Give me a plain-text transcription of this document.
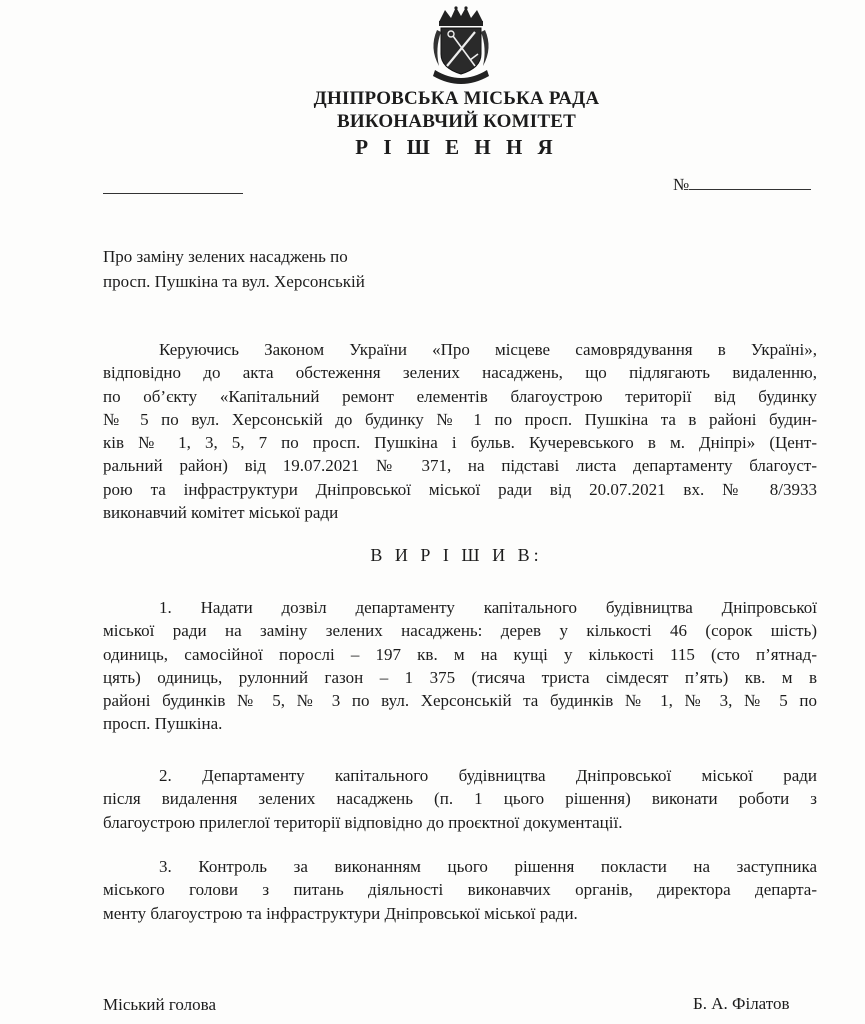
ДНІПРОВСЬКА МІСЬКА РАДА
ВИКОНАВЧИЙ КОМІТЕТ
Р І Ш Е Н Н Я
№
Про заміну зелених насаджень по
просп. Пушкіна та вул. Херсонській
Керуючись Законом України «Про місцеве самоврядування в Україні»,
відповідно до акта обстеження зелених насаджень, що підлягають видаленню,
по об’єкту «Капітальний ремонт елементів благоустрою території від будинку
№ 5 по вул. Херсонській до будинку № 1 по просп. Пушкіна та в районі будин-
ків № 1, 3, 5, 7 по просп. Пушкіна і бульв. Кучеревського в м. Дніпрі» (Цент-
ральний район) від 19.07.2021 № 371, на підставі листа департаменту благоуст-
рою та інфраструктури Дніпровської міської ради від 20.07.2021 вх. № 8/3933
виконавчий комітет міської ради
В И Р І Ш И В:
1. Надати дозвіл департаменту капітального будівництва Дніпровської
міської ради на заміну зелених насаджень: дерев у кількості 46 (сорок шість)
одиниць, самосійної порослі – 197 кв. м на кущі у кількості 115 (сто п’ятнад-
цять) одиниць, рулонний газон – 1 375 (тисяча триста сімдесят п’ять) кв. м в
районі будинків № 5, № 3 по вул. Херсонській та будинків № 1, № 3, № 5 по
просп. Пушкіна.
2. Департаменту капітального будівництва Дніпровської міської ради
після видалення зелених насаджень (п. 1 цього рішення) виконати роботи з
благоустрою прилеглої території відповідно до проєктної документації.
3. Контроль за виконанням цього рішення покласти на заступника
міського голови з питань діяльності виконавчих органів, директора департа-
менту благоустрою та інфраструктури Дніпровської міської ради.
Міський голова	Б. А. Філатов
